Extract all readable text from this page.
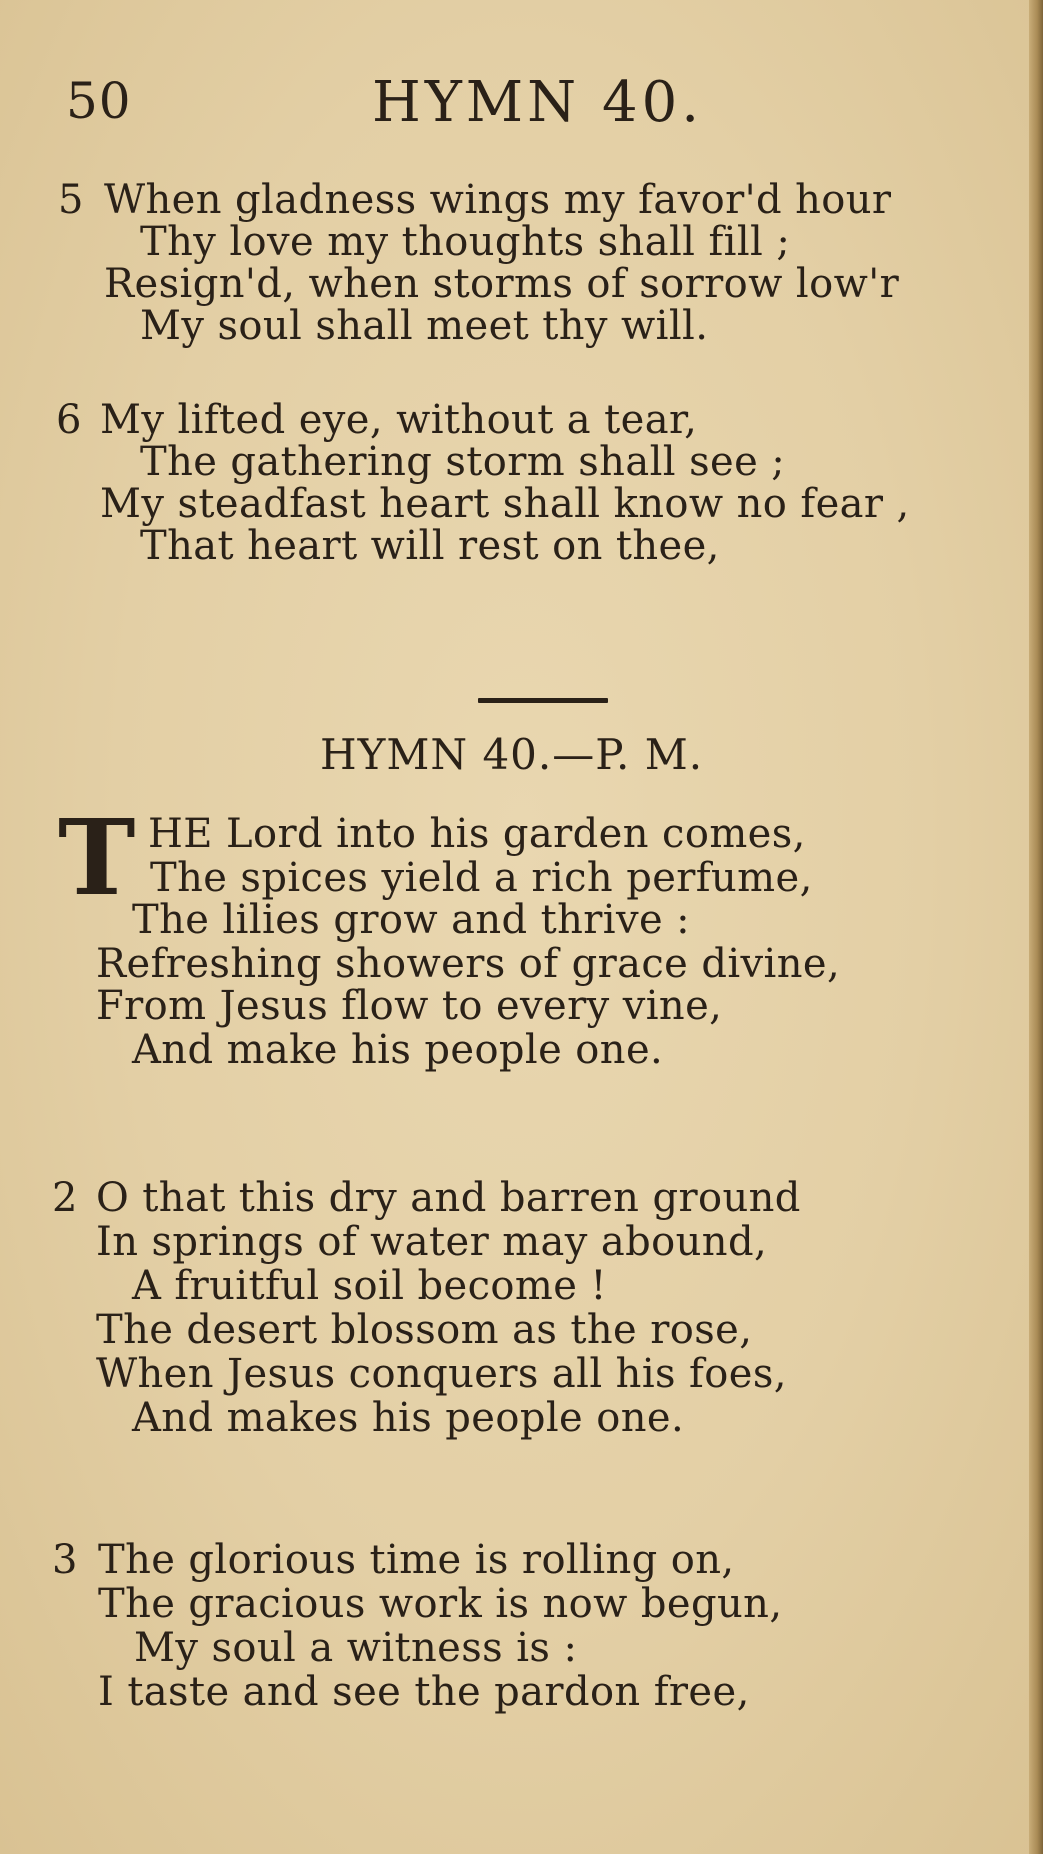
50	HYMN 40.
5 When gladness wings my favor'd hour
Thy love my thoughts shall fill ;
Resign'd, when storms of sorrow low'r
My soul shall meet thy will.
6 My lifted eye, without a tear,
The gathering storm shall see ;
My steadfast heart shall know no fear ,
That heart will rest on thee,
HYMN 40.—P. M.
T HE Lord into his garden comes,
The spices yield a rich perfume,
The lilies grow and thrive :
Refreshing showers of grace divine,
From Jesus flow to every vine,
And make his people one.
2 O that this dry and barren ground
In springs of water may abound,
A fruitful soil become !
The desert blossom as the rose,
When Jesus conquers all his foes,
And makes his people one.
3 The glorious time is rolling on,
The gracious work is now begun,
My soul a witness is :
I taste and see the pardon free,
